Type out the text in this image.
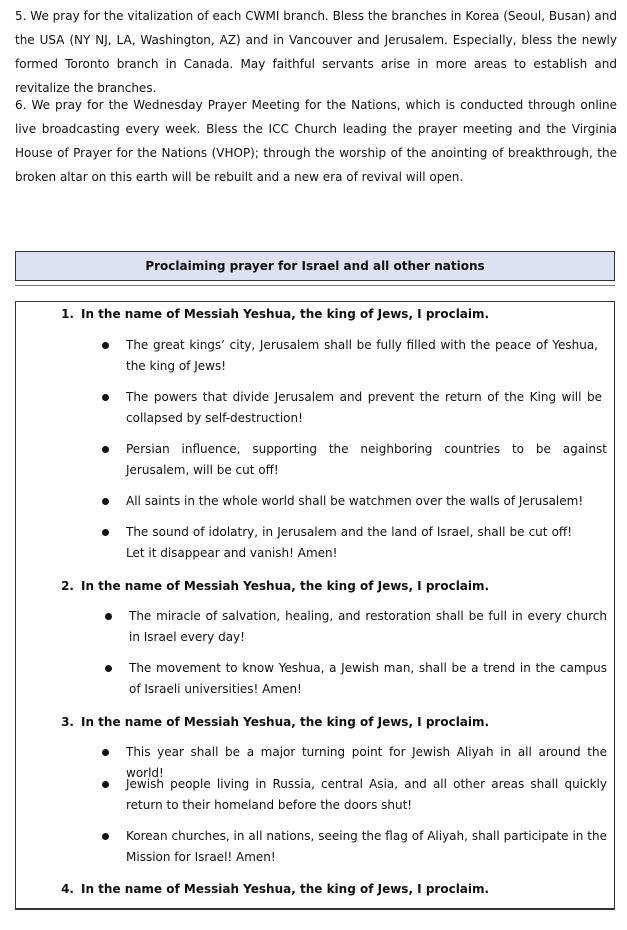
5. We pray for the vitalization of each CWMI branch. Bless the branches in Korea (Seoul, Busan) and the USA (NY NJ, LA, Washington, AZ) and in Vancouver and Jerusalem. Especially, bless the newly formed Toronto branch in Canada. May faithful servants arise in more areas to establish and revitalize the branches.

6. We pray for the Wednesday Prayer Meeting for the Nations, which is conducted through online live broadcasting every week. Bless the ICC Church leading the prayer meeting and the Virginia House of Prayer for the Nations (VHOP); through the worship of the anointing of breakthrough, the broken altar on this earth will be rebuilt and a new era of revival will open.

Proclaiming prayer for Israel and all other nations
1. In the name of Messiah Yeshua, the king of Jews, I proclaim.
The great kings’ city, Jerusalem shall be fully filled with the peace of Yeshua, the king of Jews!
The powers that divide Jerusalem and prevent the return of the King will be collapsed by self-destruction!
Persian influence, supporting the neighboring countries to be against Jerusalem, will be cut off!
All saints in the whole world shall be watchmen over the walls of Jerusalem!
The sound of idolatry, in Jerusalem and the land of Israel, shall be cut off! Let it disappear and vanish! Amen!
2. In the name of Messiah Yeshua, the king of Jews, I proclaim.
The miracle of salvation, healing, and restoration shall be full in every church in Israel every day!
The movement to know Yeshua, a Jewish man, shall be a trend in the campus of Israeli universities! Amen!
3. In the name of Messiah Yeshua, the king of Jews, I proclaim.
This year shall be a major turning point for Jewish Aliyah in all around the world!
Jewish people living in Russia, central Asia, and all other areas shall quickly return to their homeland before the doors shut!
Korean churches, in all nations, seeing the flag of Aliyah, shall participate in the Mission for Israel! Amen!
4. In the name of Messiah Yeshua, the king of Jews, I proclaim.
